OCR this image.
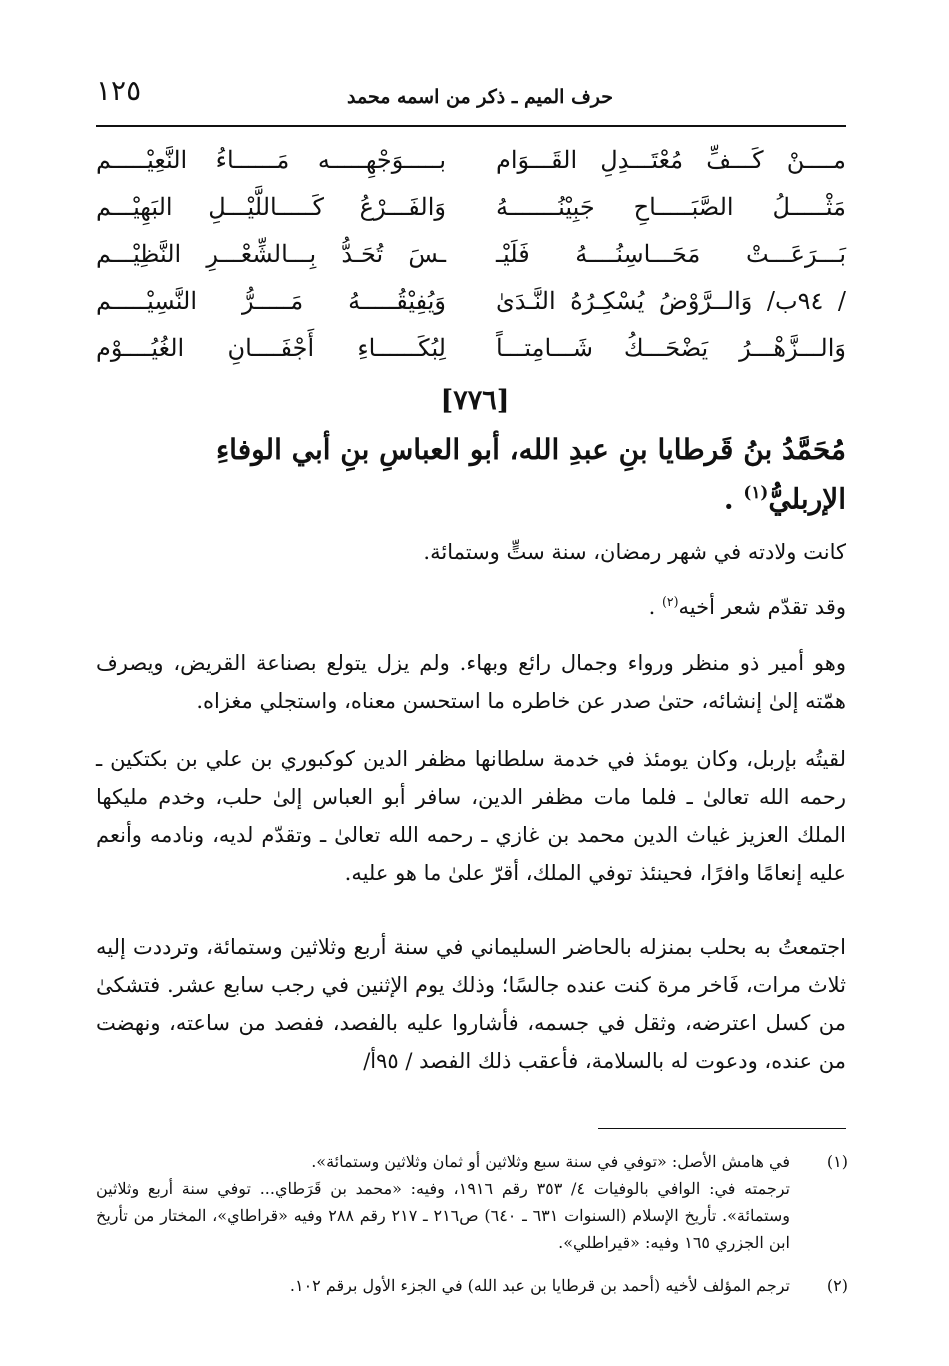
١٢٥	حرف الميم ـ ذكر من اسمه محمد
مــــنْ كَـــفِّ مُعْتَـــدِلِ القَـــوَام
بـــــوَجْهِـــــه مَــــــاءُ النَّعِيْـــــم
مَثْـــــلُ الصَّبَـــــاحِ جَبِيْنُـــــــهُ
وَالفَـــرْعُ كَـــــاللَّيْـــلِ البَهِيْـــم
بَـــرَعَـــتْ مَحَـــاسِنُــــهُ فَلَيْـ
ـسَ تُحَـدُّ بِـــالشِّعْـــرِ النَّظِيْـــم
/ ٩٤ب/ وَالــرَّوْضُ يُسْكِـرُهُ النَّـدَىٰ
وَيُفِيْقُـــــهُ مَـــــرُّ النَّسِيْـــــم
وَالـــزَّهْـــرُ يَضْحَـــكُ شَـــامِتـــاً
لِبُكَــــــاءِ أَجْفَــــانِ الغُيُــــوْم
[٧٧٦]
مُحَمَّدُ بنُ قَرطايا بنِ عبدِ الله، أبو العباسِ بنِ أبي الوفاءِ
الإربليُّ$^{(١)}$ .

كانت ولادته في شهر رمضان، سنة ستٍّ وستمائة.

وقد تقدّم شعر أخيه$^{(٢)}$ .

وهو أمير ذو منظر ورواء وجمال رائع وبهاء. ولم يزل يتولع بصناعة القريض، ويصرف همّته إلىٰ إنشائه، حتىٰ صدر عن خاطره ما استحسن معناه، واستجلي مغزاه.

لقيتُه بإربل، وكان يومئذ في خدمة سلطانها مظفر الدين كوكبوري بن علي بن بكتكين ـ رحمه الله تعالىٰ ـ فلما مات مظفر الدين، سافر أبو العباس إلىٰ حلب، وخدم مليكها الملك العزيز غياث الدين محمد بن غازي ـ رحمه الله تعالىٰ ـ وتقدّم لديه، ونادمه وأنعم عليه إنعامًا وافرًا، فحينئذ توفي الملك، أقرّ علىٰ ما هو عليه.

اجتمعتُ به بحلب بمنزله بالحاضر السليماني في سنة أربع وثلاثين وستمائة، وترددت إليه ثلاث مرات، فَاخر مرة كنت عنده جالسًا؛ وذلك يوم الإثنين في رجب سابع عشر. فتشكىٰ من كسل اعترضه، وثقل في جسمه، فأشاروا عليه بالفصد، ففصد من ساعته، ونهضت من عنده، ودعوت له بالسلامة، فأعقب ذلك الفصد / ٩٥أ/

(١)
في هامش الأصل: «توفي في سنة سبع وثلاثين أو ثمان وثلاثين وستمائة».
ترجمته في: الوافي بالوفيات ٤/ ٣٥٣ رقم ١٩١٦، وفيه: «محمد بن قَرَطاي... توفي سنة أربع وثلاثين وستمائة». تأريخ الإسلام (السنوات ٦٣١ ـ ٦٤٠) ص٢١٦ ـ ٢١٧ رقم ٢٨٨ وفيه «قراطاي»، المختار من تأريخ ابن الجزري ١٦٥ وفيه: «قيراطلي».
(٢)
ترجم المؤلف لأخيه (أحمد بن قرطايا بن عبد الله) في الجزء الأول برقم ١٠٢.
